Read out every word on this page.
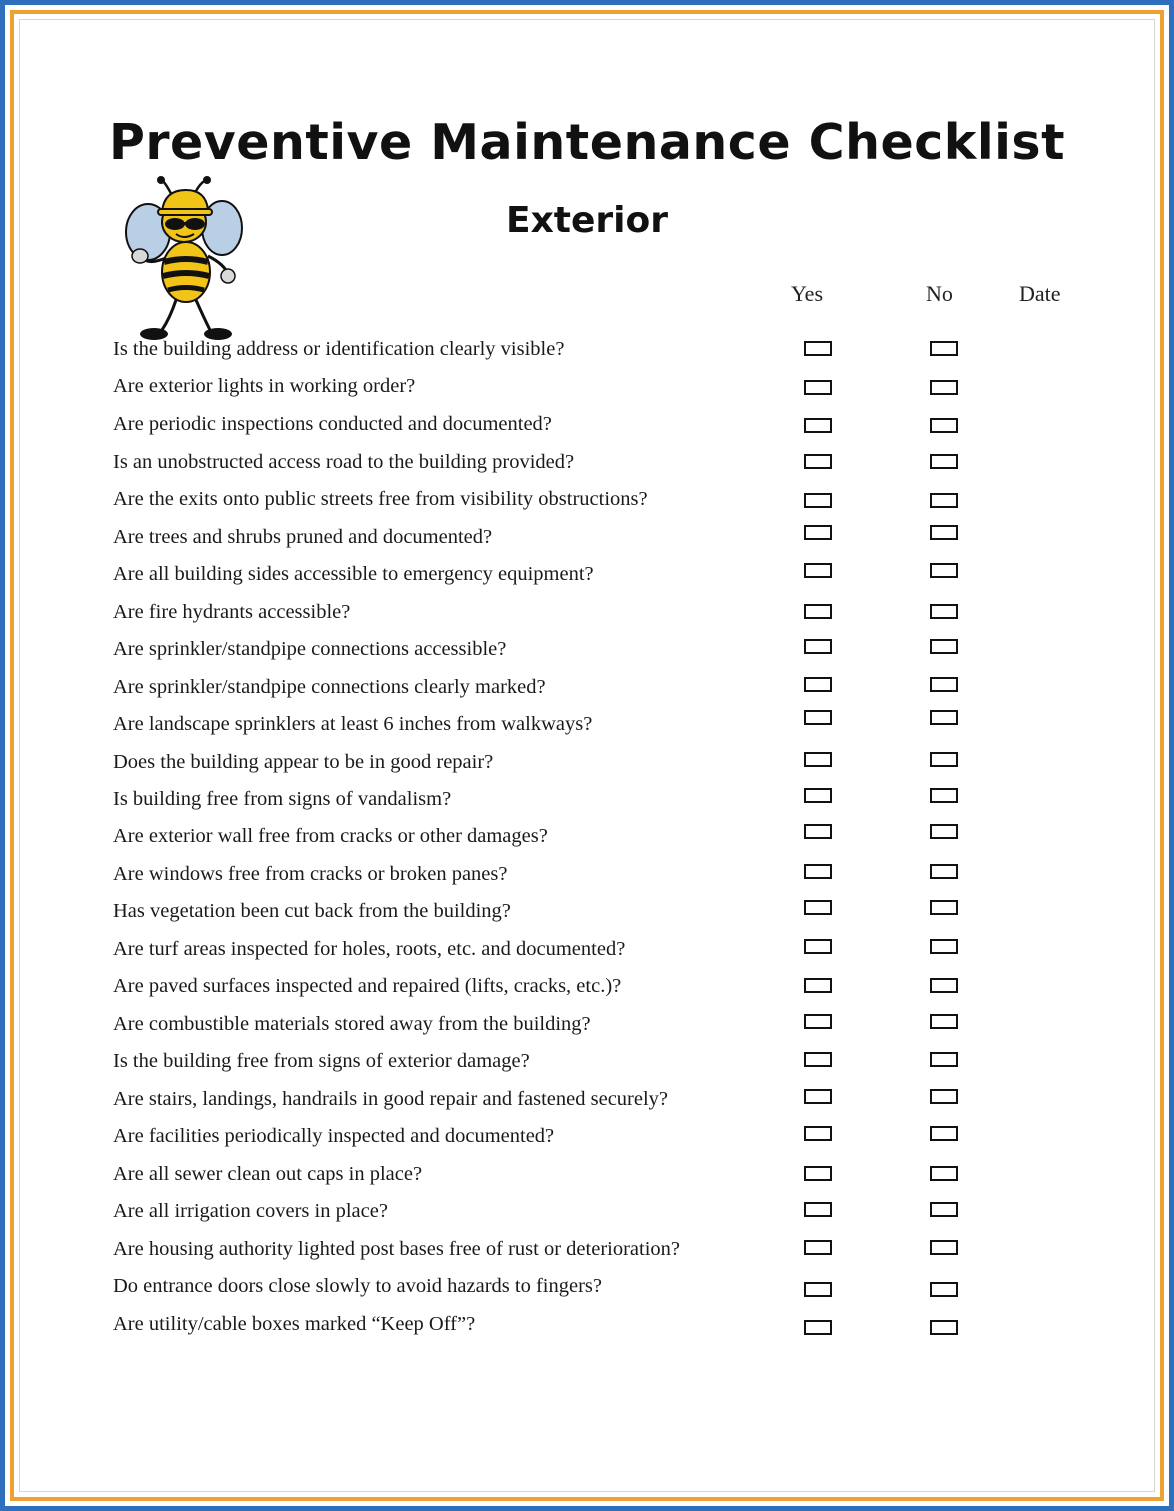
Preventive Maintenance Checklist
Exterior
Yes	No	Date
Is the building address or identification clearly visible?
Are exterior lights in working order?
Are periodic inspections conducted and documented?
Is an unobstructed access road to the building provided?
Are the exits onto public streets free from visibility obstructions?
Are trees and shrubs pruned and documented?
Are all building sides accessible to emergency equipment?
Are fire hydrants accessible?
Are sprinkler/standpipe connections accessible?
Are sprinkler/standpipe connections clearly marked?
Are landscape sprinklers at least 6 inches from walkways?
Does the building appear to be in good repair?
Is building free from signs of vandalism?
Are exterior wall free from cracks or other damages?
Are windows free from cracks or broken panes?
Has vegetation been cut back from the building?
Are turf areas inspected for holes, roots, etc. and documented?
Are paved surfaces inspected and repaired (lifts, cracks, etc.)?
Are combustible materials stored away from the building?
Is the building free from signs of exterior damage?
Are stairs, landings, handrails in good repair and fastened securely?
Are facilities periodically inspected and documented?
Are all sewer clean out caps in place?
Are all irrigation covers in place?
Are housing authority lighted post bases free of rust or deterioration?
Do entrance doors close slowly to avoid hazards to fingers?
Are utility/cable boxes marked “Keep Off”?
